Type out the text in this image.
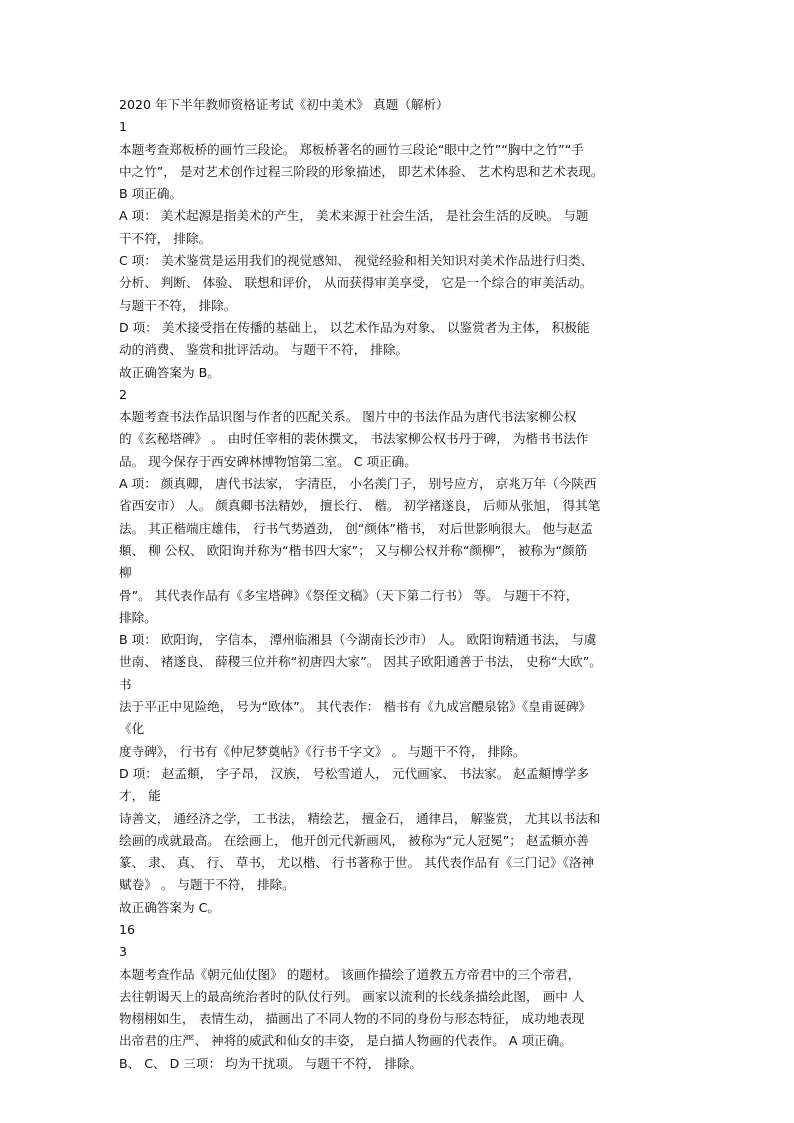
2020 年下半年教师资格证考试《初中美术》 真题（解析）
1
本题考查郑板桥的画竹三段论。 郑板桥著名的画竹三段论“眼中之竹”“胸中之竹”“手
中之竹”， 是对艺术创作过程三阶段的形象描述， 即艺术体验、 艺术构思和艺术表现。
B 项正确。
A 项： 美术起源是指美术的产生， 美术来源于社会生活， 是社会生活的反映。 与题
干不符， 排除。
C 项： 美术鉴赏是运用我们的视觉感知、 视觉经验和相关知识对美术作品进行归类、
分析、 判断、 体验、 联想和评价， 从而获得审美享受， 它是一个综合的审美活动。
与题干不符， 排除。
D 项： 美术接受指在传播的基础上， 以艺术作品为对象、 以鉴赏者为主体， 积极能
动的消费、 鉴赏和批评活动。 与题干不符， 排除。
故正确答案为 B。
2
本题考查书法作品识图与作者的匹配关系。 图片中的书法作品为唐代书法家柳公权
的《玄秘塔碑》 。 由时任宰相的裴休撰文， 书法家柳公权书丹于碑， 为楷书书法作
品。 现今保存于西安碑林博物馆第二室。 C 项正确。
A 项： 颜真卿， 唐代书法家， 字清臣， 小名羡门子， 别号应方， 京兆万年（今陕西
省西安市） 人。 颜真卿书法精妙， 擅长行、 楷。 初学褚遂良， 后师从张旭， 得其笔
法。 其正楷端庄雄伟， 行书气势遒劲， 创“颜体”楷书， 对后世影响很大。 他与赵孟
頫、 柳 公权、 欧阳询并称为“楷书四大家”； 又与柳公权并称“颜柳”， 被称为“颜筋
柳
骨”。 其代表作品有《多宝塔碑》《祭侄文稿》（天下第二行书） 等。 与题干不符，
排除。
B 项： 欧阳询， 字信本， 潭州临湘县（今湖南长沙市） 人。 欧阳询精通书法， 与虞
世南、 褚遂良、 薛稷三位并称“初唐四大家”。 因其子欧阳通善于书法， 史称“大欧”。
书
法于平正中见险绝， 号为“欧体”。 其代表作： 楷书有《九成宫醴泉铭》《皇甫诞碑》
《化
度寺碑》， 行书有《仲尼梦奠帖》《行书千字文》 。 与题干不符， 排除。
D 项： 赵孟頫， 字子昂， 汉族， 号松雪道人， 元代画家、 书法家。 赵孟頫博学多
才， 能
诗善文， 通经济之学， 工书法， 精绘艺， 擅金石， 通律吕， 解鉴赏， 尤其以书法和
绘画的成就最高。 在绘画上， 他开创元代新画风， 被称为“元人冠冕”； 赵孟頫亦善
篆、 隶、 真、 行、 草书， 尤以楷、 行书著称于世。 其代表作品有《三门记》《洛神
赋卷》 。 与题干不符， 排除。
故正确答案为 C。
16
3
本题考查作品《朝元仙仗图》 的题材。 该画作描绘了道教五方帝君中的三个帝君，
去往朝谒天上的最高统治者时的队仗行列。 画家以流利的长线条描绘此图， 画中 人
物栩栩如生， 表情生动， 描画出了不同人物的不同的身份与形态特征， 成功地表现
出帝君的庄严、 神将的威武和仙女的丰姿， 是白描人物画的代表作。 A 项正确。
B、 C、 D 三项： 均为干扰项。 与题干不符， 排除。
